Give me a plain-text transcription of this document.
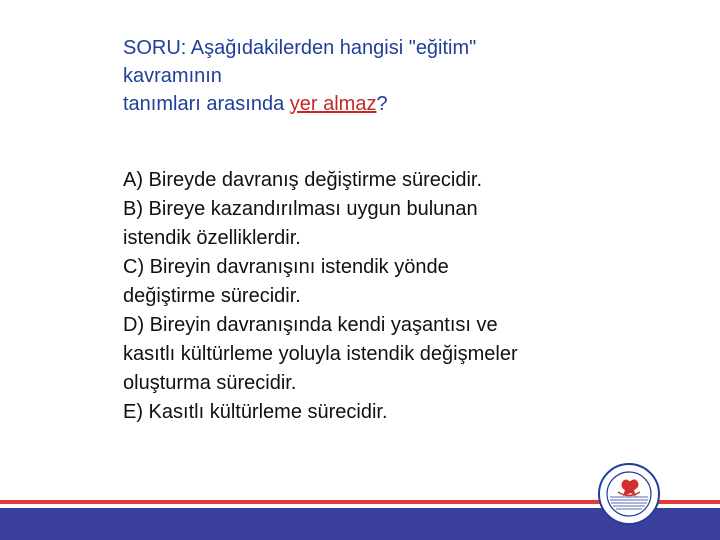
SORU: Aşağıdakilerden hangisi "eğitim"
kavramının
tanımları arasında yer almaz?
A) Bireyde davranış değiştirme sürecidir.
B) Bireye kazandırılması uygun bulunan
istendik özelliklerdir.
C) Bireyin davranışını istendik yönde
değiştirme sürecidir.
D) Bireyin davranışında kendi yaşantısı ve
kasıtlı kültürleme yoluyla istendik değişmeler
oluşturma sürecidir.
E) Kasıtlı kültürleme sürecidir.
